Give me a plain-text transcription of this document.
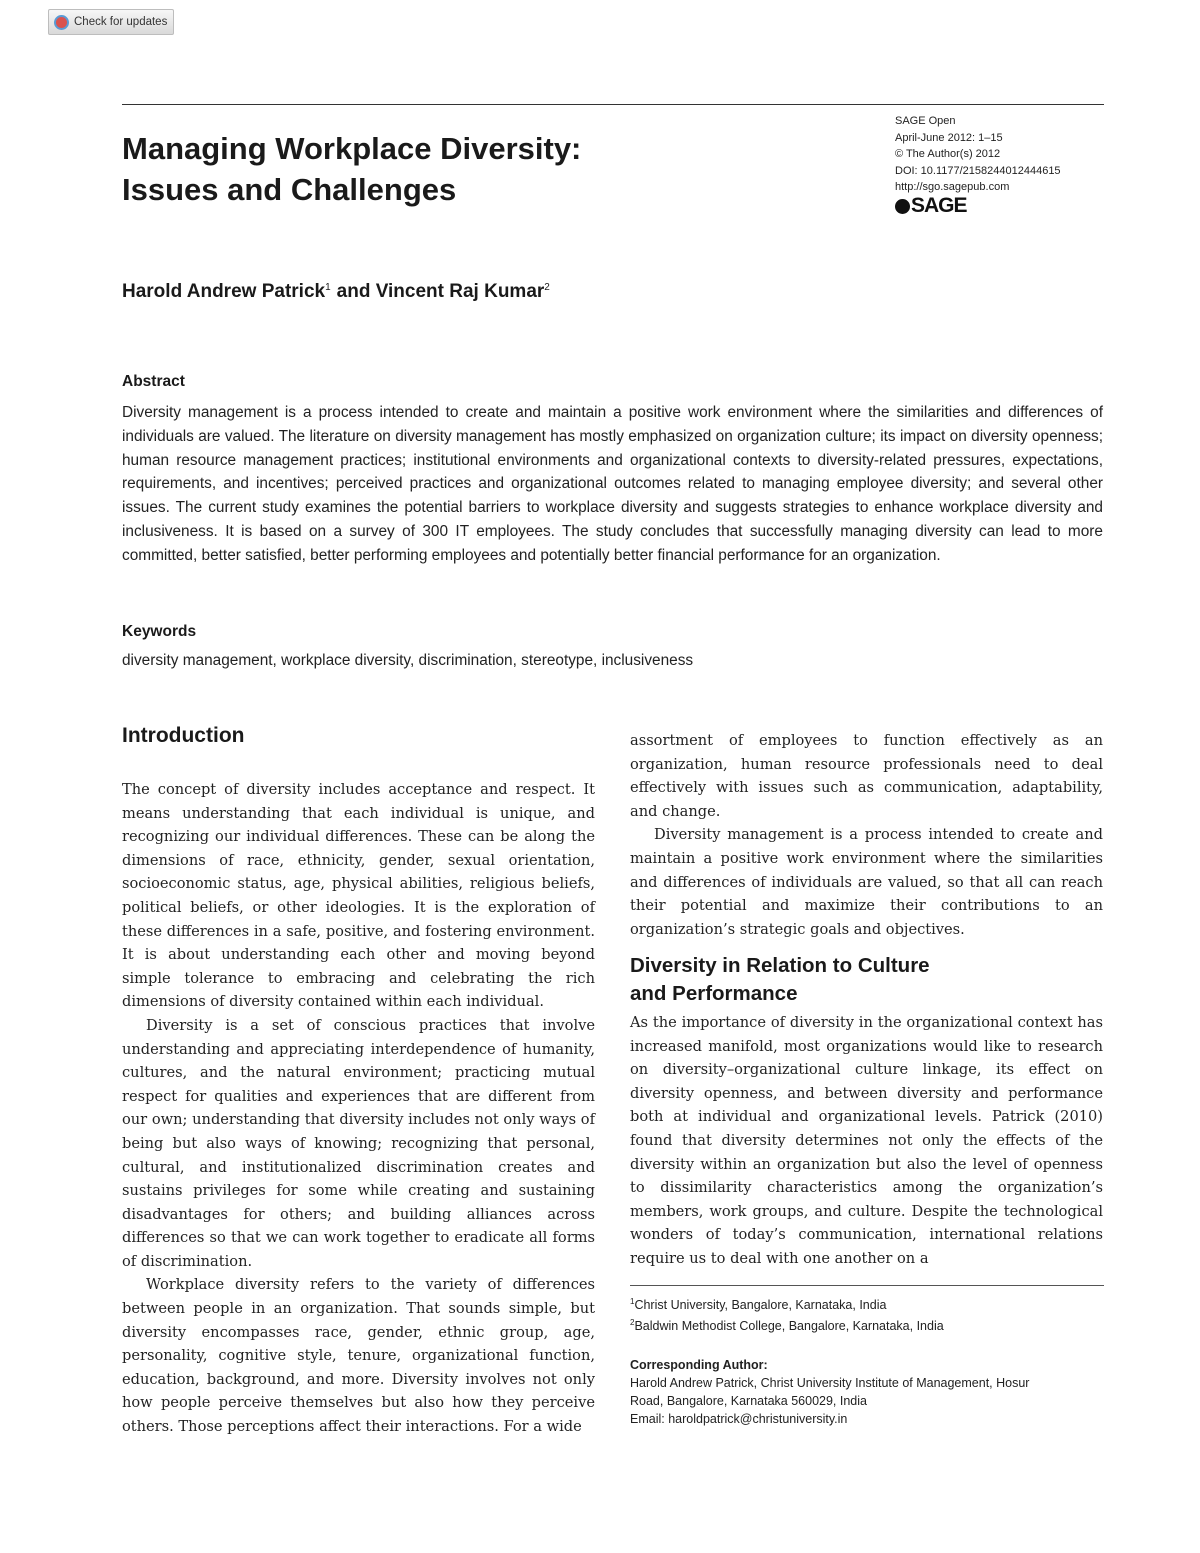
Check for updates
Managing Workplace Diversity:
Issues and Challenges
SAGE Open
April-June 2012: 1–15
© The Author(s) 2012
DOI: 10.1177/2158244012444615
http://sgo.sagepub.com
SAGE
Harold Andrew Patrick$^1$ and Vincent Raj Kumar$^2$
Abstract

Diversity management is a process intended to create and maintain a positive work environment where the similarities and differences of individuals are valued. The literature on diversity management has mostly emphasized on organization culture; its impact on diversity openness; human resource management practices; institutional environments and organizational contexts to diversity-related pressures, expectations, requirements, and incentives; perceived practices and organizational outcomes related to managing employee diversity; and several other issues. The current study examines the potential barriers to workplace diversity and suggests strategies to enhance workplace diversity and inclusiveness. It is based on a survey of 300 IT employees. The study concludes that successfully managing diversity can lead to more committed, better satisfied, better performing employees and potentially better financial performance for an organization.

Keywords

diversity management, workplace diversity, discrimination, stereotype, inclusiveness

Introduction

The concept of diversity includes acceptance and respect. It means understanding that each individual is unique, and recognizing our individual differences. These can be along the dimensions of race, ethnicity, gender, sexual orientation, socioeconomic status, age, physical abilities, religious beliefs, political beliefs, or other ideologies. It is the exploration of these differences in a safe, positive, and fostering environment. It is about understanding each other and moving beyond simple tolerance to embracing and celebrating the rich dimensions of diversity contained within each individual.

Diversity is a set of conscious practices that involve understanding and appreciating interdependence of humanity, cultures, and the natural environment; practicing mutual respect for qualities and experiences that are different from our own; understanding that diversity includes not only ways of being but also ways of knowing; recognizing that personal, cultural, and institutionalized discrimination creates and sustains privileges for some while creating and sustaining disadvantages for others; and building alliances across differences so that we can work together to eradicate all forms of discrimination.

Workplace diversity refers to the variety of differences between people in an organization. That sounds simple, but diversity encompasses race, gender, ethnic group, age, personality, cognitive style, tenure, organizational function, education, background, and more. Diversity involves not only how people perceive themselves but also how they perceive others. Those perceptions affect their interactions. For a wide

assortment of employees to function effectively as an organization, human resource professionals need to deal effectively with issues such as communication, adaptability, and change.

Diversity management is a process intended to create and maintain a positive work environment where the similarities and differences of individuals are valued, so that all can reach their potential and maximize their contributions to an organization’s strategic goals and objectives.

Diversity in Relation to Culture
and Performance

As the importance of diversity in the organizational context has increased manifold, most organizations would like to research on diversity–organizational culture linkage, its effect on diversity openness, and between diversity and performance both at individual and organizational levels. Patrick (2010) found that diversity determines not only the effects of the diversity within an organization but also the level of openness to dissimilarity characteristics among the organization’s members, work groups, and culture. Despite the technological wonders of today’s communication, international relations require us to deal with one another on a

$^1$Christ University, Bangalore, Karnataka, India
$^2$Baldwin Methodist College, Bangalore, Karnataka, India
Corresponding Author:
Harold Andrew Patrick, Christ University Institute of Management, Hosur
Road, Bangalore, Karnataka 560029, India
Email: haroldpatrick@christuniversity.in
